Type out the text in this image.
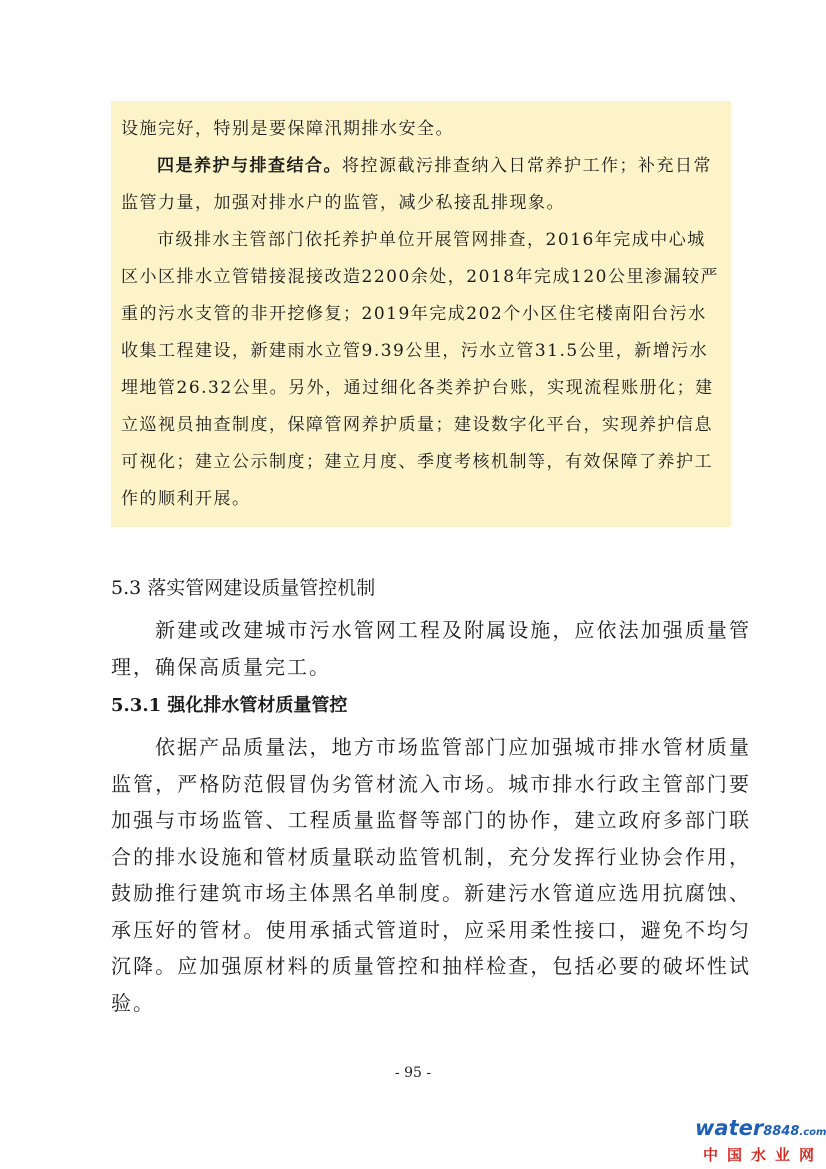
设施完好，特别是要保障汛期排水安全。

四是养护与排查结合。将控源截污排查纳入日常养护工作；补充日常监管力量，加强对排水户的监管，减少私接乱排现象。

市级排水主管部门依托养护单位开展管网排查，2016年完成中心城区小区排水立管错接混接改造2200余处，2018年完成120公里渗漏较严重的污水支管的非开挖修复；2019年完成202个小区住宅楼南阳台污水收集工程建设，新建雨水立管9.39公里，污水立管31.5公里，新增污水埋地管26.32公里。另外，通过细化各类养护台账，实现流程账册化；建立巡视员抽查制度，保障管网养护质量；建设数字化平台，实现养护信息可视化；建立公示制度；建立月度、季度考核机制等，有效保障了养护工作的顺利开展。

5.3 落实管网建设质量管控机制

新建或改建城市污水管网工程及附属设施，应依法加强质量管理，确保高质量完工。

5.3.1 强化排水管材质量管控

依据产品质量法，地方市场监管部门应加强城市排水管材质量监管，严格防范假冒伪劣管材流入市场。城市排水行政主管部门要加强与市场监管、工程质量监督等部门的协作，建立政府多部门联合的排水设施和管材质量联动监管机制，充分发挥行业协会作用，鼓励推行建筑市场主体黑名单制度。新建污水管道应选用抗腐蚀、承压好的管材。使用承插式管道时，应采用柔性接口，避免不均匀沉降。应加强原材料的质量管控和抽样检查，包括必要的破坏性试验。

- 95 -
water8848.com
中国水业网
